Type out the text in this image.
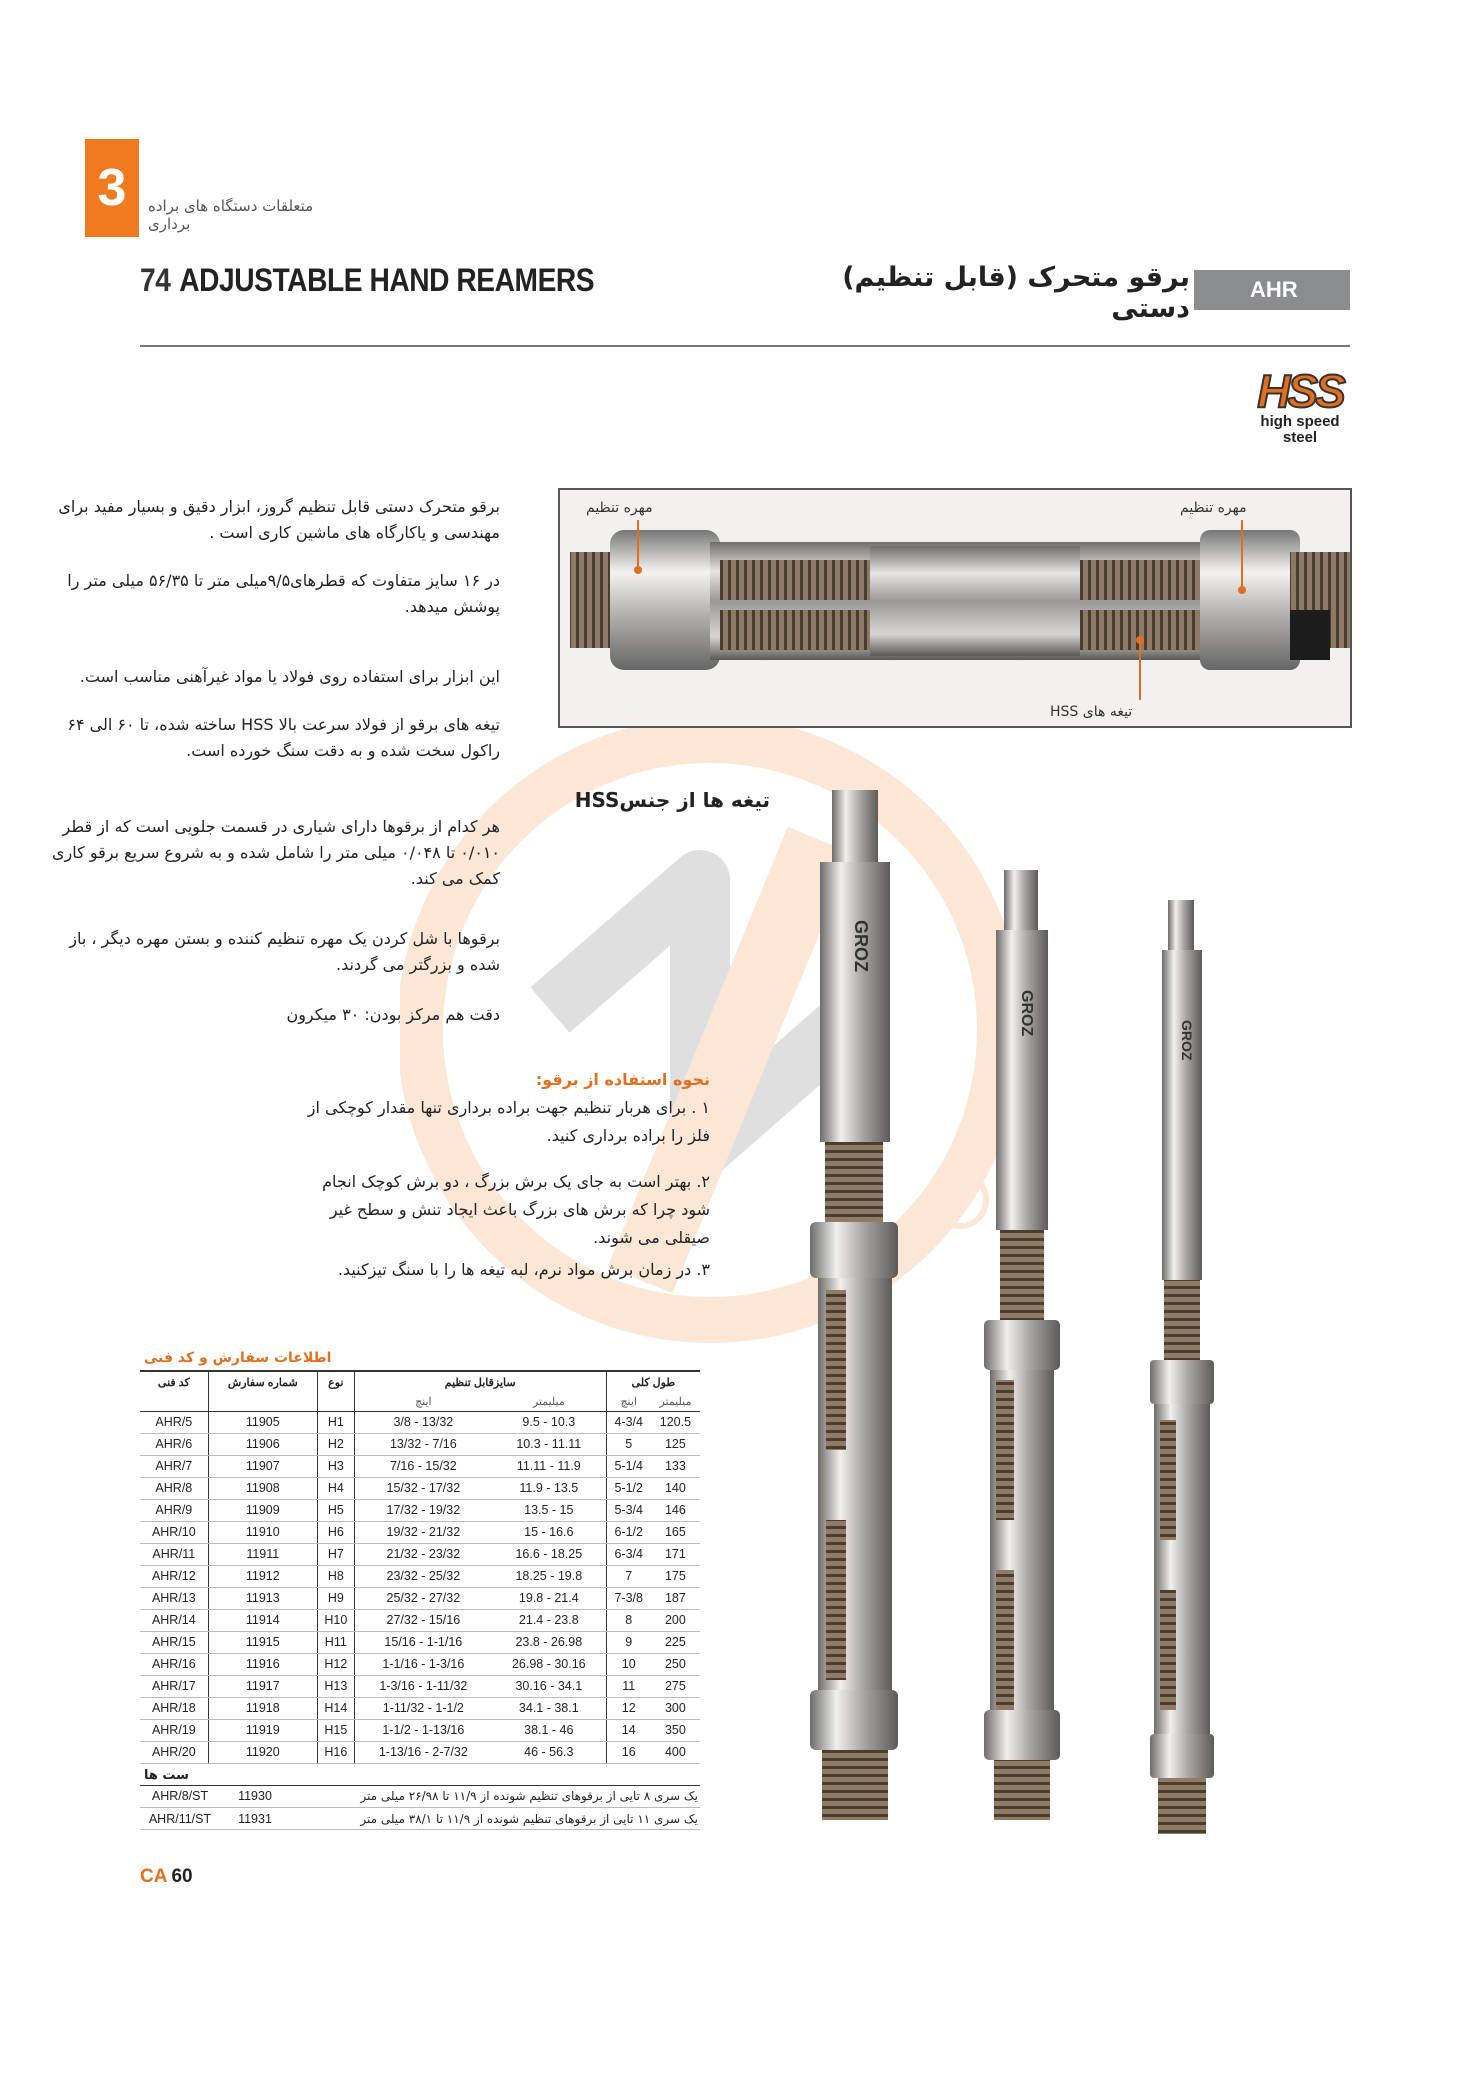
3 متعلقات دستگاه های براده برداری
74 ADJUSTABLE HAND REAMERS	برقو متحرک (قابل تنظیم) دستی
AHR
HSS
high speed
steel
برقو متحرک دستی قابل تنظیم گروز، ابزار دقیق و بسیار مفید برای مهندسی و یاکارگاه های ماشین کاری است .
در ۱۶ سایز متفاوت که قطرهای۹/۵میلی متر تا ۵۶/۳۵ میلی متر را پوشش میدهد.
این ابزار برای استفاده روی فولاد یا مواد غیرآهنی مناسب است.
تیغه های برقو از فولاد سرعت بالا HSS ساخته شده، تا ۶۰ الی ۶۴ راکول سخت شده و به دقت سنگ خورده است.
هر کدام از برقوها دارای شیاری در قسمت جلویی است که از قطر ۰/۰۱۰ تا ۰/۰۴۸ میلی متر را شامل شده و به شروع سریع برقو کاری کمک می کند.
برقوها با شل کردن یک مهره تنظیم کننده و بستن مهره دیگر ، باز شده و بزرگتر می گردند.
دقت هم مرکز بودن: ۳۰ میکرون
نحوه استفاده از برقو:
۱ . برای هربار تنظیم جهت براده برداری تنها مقدار کوچکی از فلز را براده برداری کنید.
۲. بهتر است به جای یک برش بزرگ ، دو برش کوچک انجام شود چرا که برش های بزرگ باعث ایجاد تنش و سطح غیر صیقلی می شوند.
۳. در زمان برش مواد نرم، لبه تیغه ها را با سنگ تیزکنید.
مهره تنظیم	مهره تنظیم
تیغه های HSS
تیغه ها از جنسHSS
GROZ
GROZ
GROZ
اطلاعات سفارش و کد فنی
کد فنی	شماره سفارش	نوع	سایزقابل تنظیم		طول کلی	
			اینچ	میلیمتر	اینچ	میلیمتر
AHR/5	11905	H1	3/8 - 13/32	9.5 - 10.3	4-3/4	120.5
AHR/6	11906	H2	13/32 - 7/16	10.3 - 11.11	5	125
AHR/7	11907	H3	7/16 - 15/32	11.11 - 11.9	5-1/4	133
AHR/8	11908	H4	15/32 - 17/32	11.9 - 13.5	5-1/2	140
AHR/9	11909	H5	17/32 - 19/32	13.5 - 15	5-3/4	146
AHR/10	11910	H6	19/32 - 21/32	15 - 16.6	6-1/2	165
AHR/11	11911	H7	21/32 - 23/32	16.6 - 18.25	6-3/4	171
AHR/12	11912	H8	23/32 - 25/32	18.25 - 19.8	7	175
AHR/13	11913	H9	25/32 - 27/32	19.8 - 21.4	7-3/8	187
AHR/14	11914	H10	27/32 - 15/16	21.4 - 23.8	8	200
AHR/15	11915	H11	15/16 - 1-1/16	23.8 - 26.98	9	225
AHR/16	11916	H12	1-1/16 - 1-3/16	26.98 - 30.16	10	250
AHR/17	11917	H13	1-3/16 - 1-11/32	30.16 - 34.1	11	275
AHR/18	11918	H14	1-11/32 - 1-1/2	34.1 - 38.1	12	300
AHR/19	11919	H15	1-1/2 - 1-13/16	38.1 - 46	14	350
AHR/20	11920	H16	1-13/16 - 2-7/32	46 - 56.3	16	400
ست ها
AHR/8/ST	11930	یک سری ۸ تایی از برقوهای تنظیم شونده از ۱۱/۹ تا ۲۶/۹۸ میلی متر
AHR/11/ST	11931	یک سری ۱۱ تایی از برقوهای تنظیم شونده از ۱۱/۹ تا ۳۸/۱ میلی متر
CA 60
